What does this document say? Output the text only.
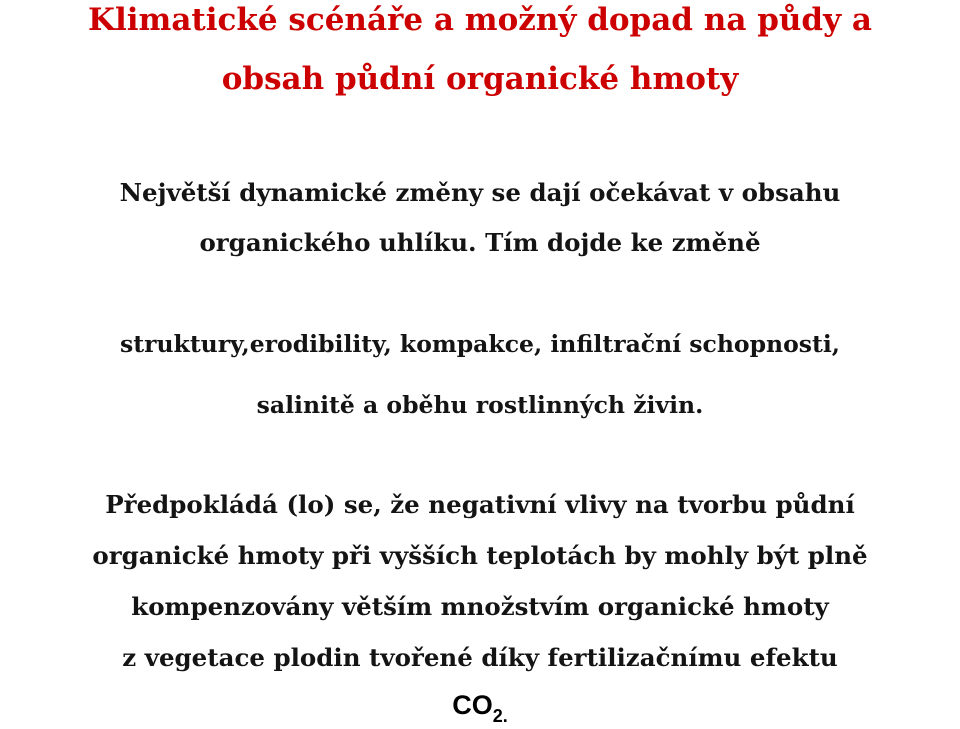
Klimatické scénáře a možný dopad na půdy a
obsah půdní organické hmoty

Největší dynamické změny se dají očekávat v obsahu

organického uhlíku. Tím dojde ke změně

struktury,erodibility, kompakce, infiltrační schopnosti,

salinitě a oběhu rostlinných živin.

Předpokládá (lo) se, že negativní vlivy na tvorbu půdní

organické hmoty při vyšších teplotách by mohly být plně

kompenzovány větším množstvím organické hmoty

z vegetace plodin tvořené díky fertilizačnímu efektu

$CO_{2.}$
